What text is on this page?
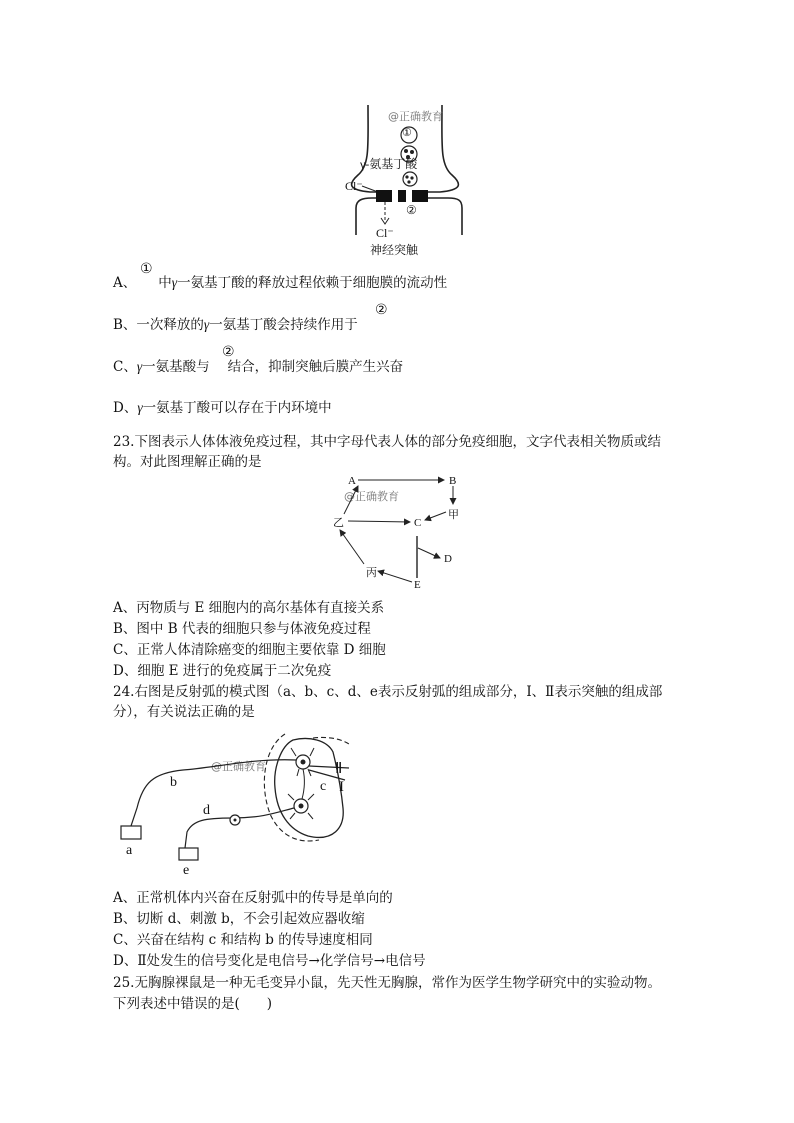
@正确教育
①
γ-氨基丁酸
Cl⁻
②
Cl⁻
神经突触
A、 中γ一氨基丁酸的释放过程依赖于细胞膜的流动性
①
B、一次释放的γ一氨基丁酸会持续作用于
②
C、γ一氨基酸与 结合，抑制突触后膜产生兴奋
②
D、γ一氨基丁酸可以存在于内环境中
23.下图表示人体体液免疫过程，其中字母代表人体的部分免疫细胞，文字代表相关物质或结
构。对此图理解正确的是
@正确教育
A	B
甲
乙	C
D
E
丙
A、丙物质与 E 细胞内的高尔基体有直接关系
B、图中 B 代表的细胞只参与体液免疫过程
C、正常人体清除癌变的细胞主要依靠 D 细胞
D、细胞 E 进行的免疫属于二次免疫
24.右图是反射弧的模式图（a、b、c、d、e表示反射弧的组成部分，I、Ⅱ表示突触的组成部
分），有关说法正确的是
@正确教育	Ⅱ
I
c
b
a
d
e
A、正常机体内兴奋在反射弧中的传导是单向的
B、切断 d、刺激 b，不会引起效应器收缩
C、兴奋在结构 c 和结构 b 的传导速度相同
D、Ⅱ处发生的信号变化是电信号→化学信号→电信号
25.无胸腺裸鼠是一种无毛变异小鼠，先天性无胸腺，常作为医学生物学研究中的实验动物。
下列表述中错误的是(　　)
